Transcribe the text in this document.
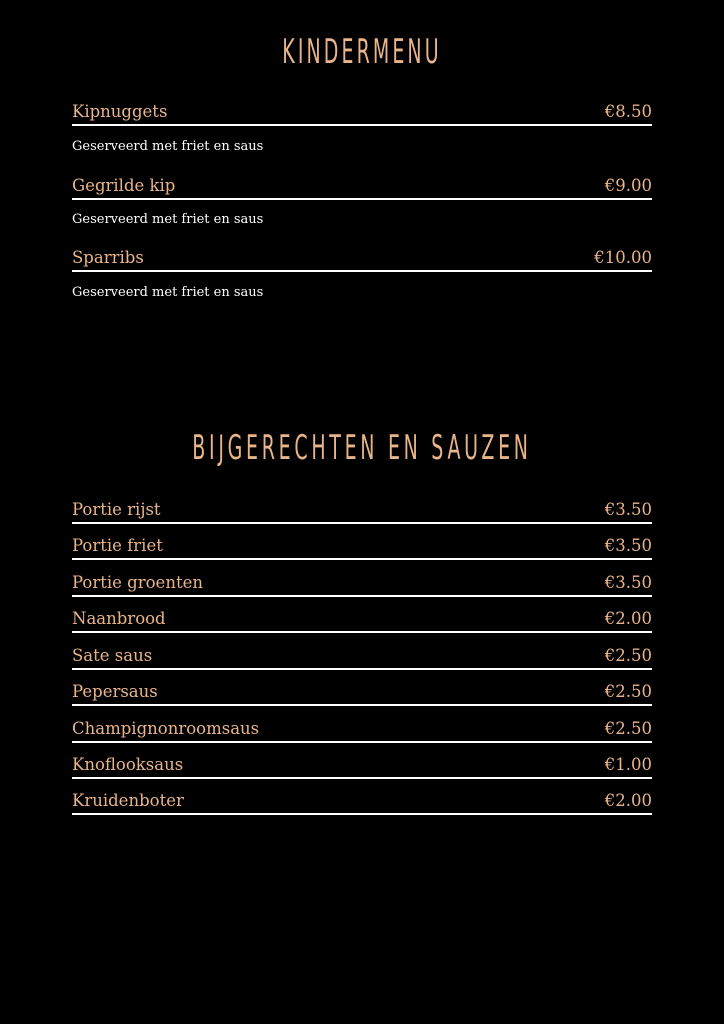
KINDERMENU
Kipnuggets	€8.50
Geserveerd met friet en saus
Gegrilde kip	€9.00
Geserveerd met friet en saus
Sparribs	€10.00
Geserveerd met friet en saus
BIJGERECHTEN EN SAUZEN
Portie rijst	€3.50
Portie friet	€3.50
Portie groenten	€3.50
Naanbrood	€2.00
Sate saus	€2.50
Pepersaus	€2.50
Champignonroomsaus	€2.50
Knoflooksaus	€1.00
Kruidenboter	€2.00
